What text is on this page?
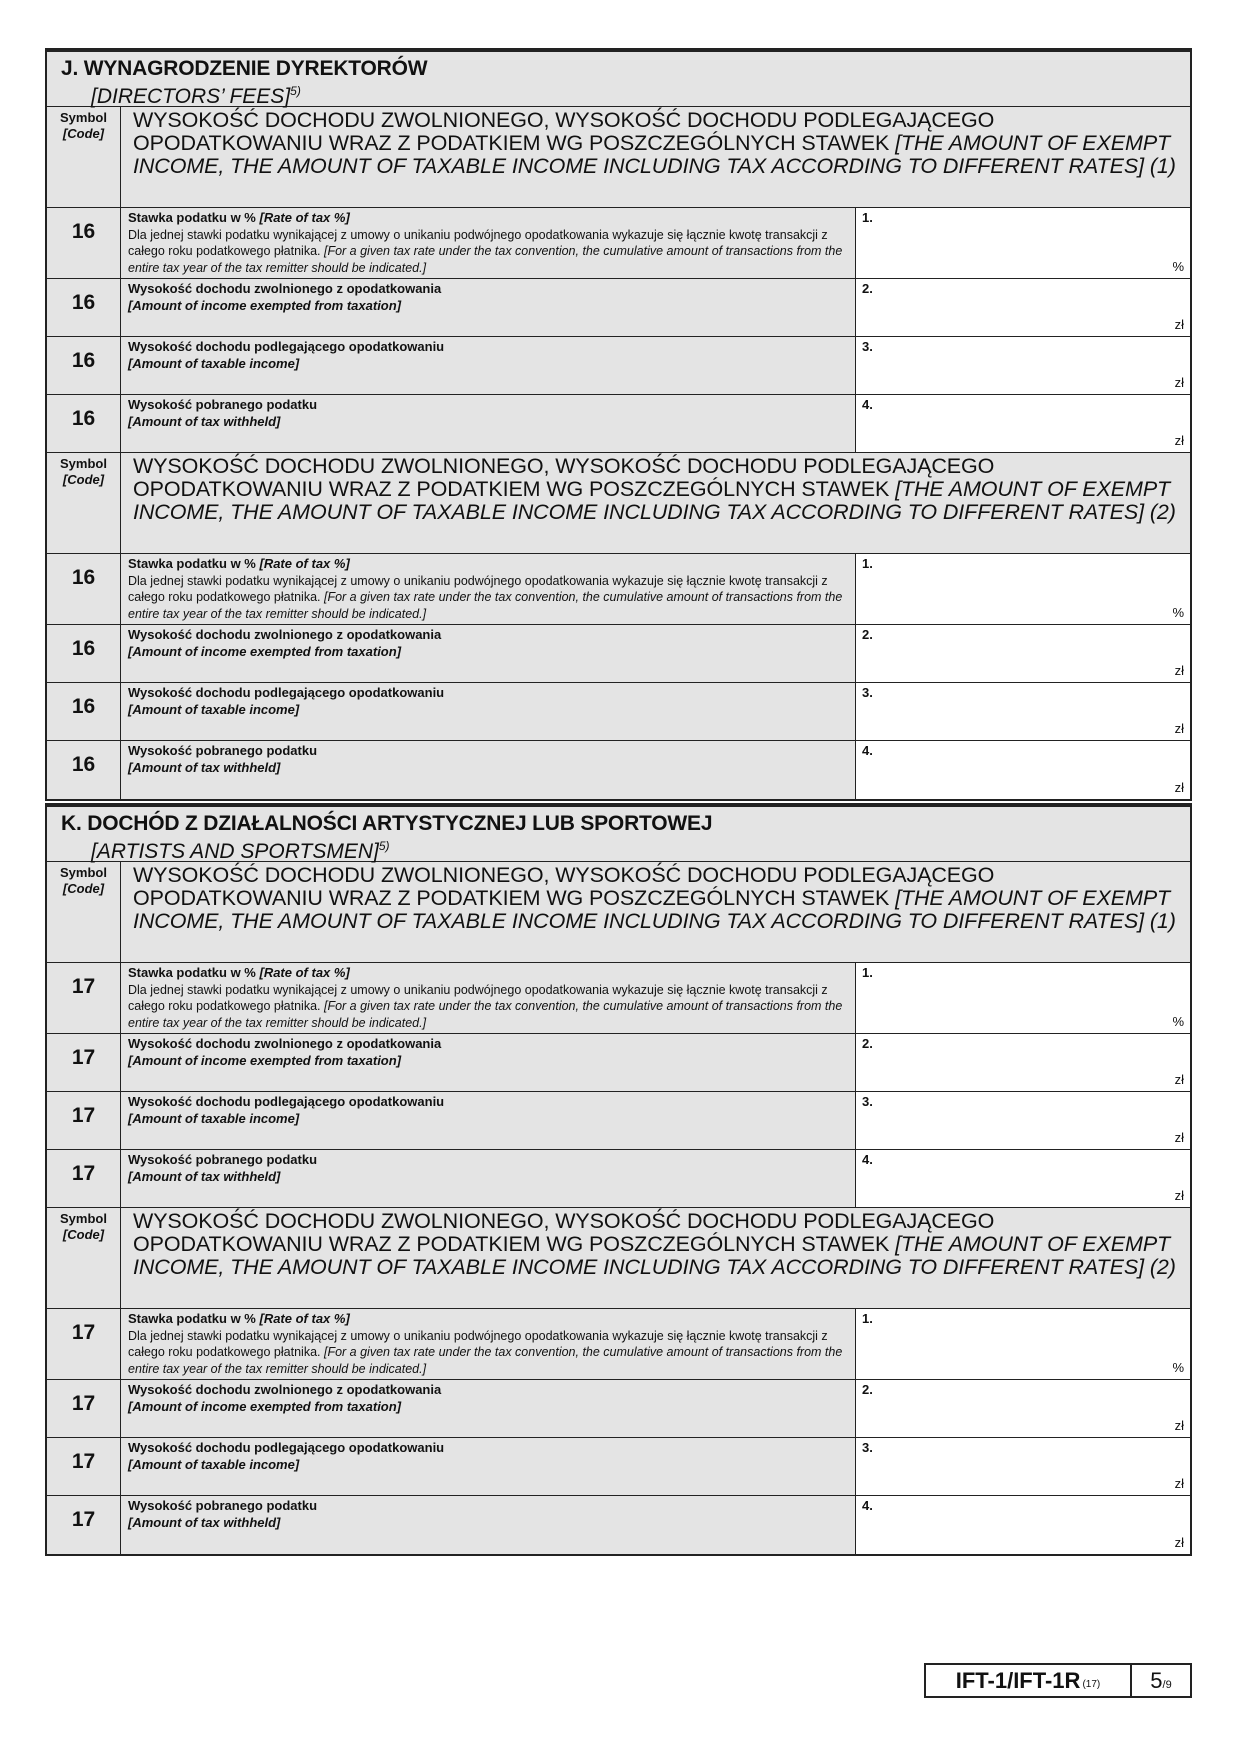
J. WYNAGRODZENIE DYREKTORÓW
[DIRECTORS’ FEES]$^{5)}$
Symbol
[Code]
WYSOKOŚĆ DOCHODU ZWOLNIONEGO, WYSOKOŚĆ DOCHODU PODLEGAJĄCEGO OPODATKOWANIU WRAZ Z PODATKIEM WG POSZCZEGÓLNYCH STAWEK [THE AMOUNT OF EXEMPT INCOME, THE AMOUNT OF TAXABLE INCOME INCLUDING TAX ACCORDING TO DIFFERENT RATES] (1)
16
Stawka podatku w % [Rate of tax %]
Dla jednej stawki podatku wynikającej z umowy o unikaniu podwójnego opodatkowania wykazuje się łącznie kwotę transakcji z całego roku podatkowego płatnika. [For a given tax rate under the tax convention, the cumulative amount of transactions from the entire tax year of the tax remitter should be indicated.]
1.
%
16
Wysokość dochodu zwolnionego z opodatkowania
[Amount of income exempted from taxation]
2.
zł
16
Wysokość dochodu podlegającego opodatkowaniu
[Amount of taxable income]
3.
zł
16
Wysokość pobranego podatku
[Amount of tax withheld]
4.
zł
Symbol
[Code]
WYSOKOŚĆ DOCHODU ZWOLNIONEGO, WYSOKOŚĆ DOCHODU PODLEGAJĄCEGO OPODATKOWANIU WRAZ Z PODATKIEM WG POSZCZEGÓLNYCH STAWEK [THE AMOUNT OF EXEMPT INCOME, THE AMOUNT OF TAXABLE INCOME INCLUDING TAX ACCORDING TO DIFFERENT RATES] (2)
16
Stawka podatku w % [Rate of tax %]
Dla jednej stawki podatku wynikającej z umowy o unikaniu podwójnego opodatkowania wykazuje się łącznie kwotę transakcji z całego roku podatkowego płatnika. [For a given tax rate under the tax convention, the cumulative amount of transactions from the entire tax year of the tax remitter should be indicated.]
1.
%
16
Wysokość dochodu zwolnionego z opodatkowania
[Amount of income exempted from taxation]
2.
zł
16
Wysokość dochodu podlegającego opodatkowaniu
[Amount of taxable income]
3.
zł
16
Wysokość pobranego podatku
[Amount of tax withheld]
4.
zł
K. DOCHÓD Z DZIAŁALNOŚCI ARTYSTYCZNEJ LUB SPORTOWEJ
[ARTISTS AND SPORTSMEN]$^{5)}$
Symbol
[Code]
WYSOKOŚĆ DOCHODU ZWOLNIONEGO, WYSOKOŚĆ DOCHODU PODLEGAJĄCEGO OPODATKOWANIU WRAZ Z PODATKIEM WG POSZCZEGÓLNYCH STAWEK [THE AMOUNT OF EXEMPT INCOME, THE AMOUNT OF TAXABLE INCOME INCLUDING TAX ACCORDING TO DIFFERENT RATES] (1)
17
Stawka podatku w % [Rate of tax %]
Dla jednej stawki podatku wynikającej z umowy o unikaniu podwójnego opodatkowania wykazuje się łącznie kwotę transakcji z całego roku podatkowego płatnika. [For a given tax rate under the tax convention, the cumulative amount of transactions from the entire tax year of the tax remitter should be indicated.]
1.
%
17
Wysokość dochodu zwolnionego z opodatkowania
[Amount of income exempted from taxation]
2.
zł
17
Wysokość dochodu podlegającego opodatkowaniu
[Amount of taxable income]
3.
zł
17
Wysokość pobranego podatku
[Amount of tax withheld]
4.
zł
Symbol
[Code]
WYSOKOŚĆ DOCHODU ZWOLNIONEGO, WYSOKOŚĆ DOCHODU PODLEGAJĄCEGO OPODATKOWANIU WRAZ Z PODATKIEM WG POSZCZEGÓLNYCH STAWEK [THE AMOUNT OF EXEMPT INCOME, THE AMOUNT OF TAXABLE INCOME INCLUDING TAX ACCORDING TO DIFFERENT RATES] (2)
17
Stawka podatku w % [Rate of tax %]
Dla jednej stawki podatku wynikającej z umowy o unikaniu podwójnego opodatkowania wykazuje się łącznie kwotę transakcji z całego roku podatkowego płatnika. [For a given tax rate under the tax convention, the cumulative amount of transactions from the entire tax year of the tax remitter should be indicated.]
1.
%
17
Wysokość dochodu zwolnionego z opodatkowania
[Amount of income exempted from taxation]
2.
zł
17
Wysokość dochodu podlegającego opodatkowaniu
[Amount of taxable income]
3.
zł
17
Wysokość pobranego podatku
[Amount of tax withheld]
4.
zł
IFT-1/IFT-1R (17) 5 /9
